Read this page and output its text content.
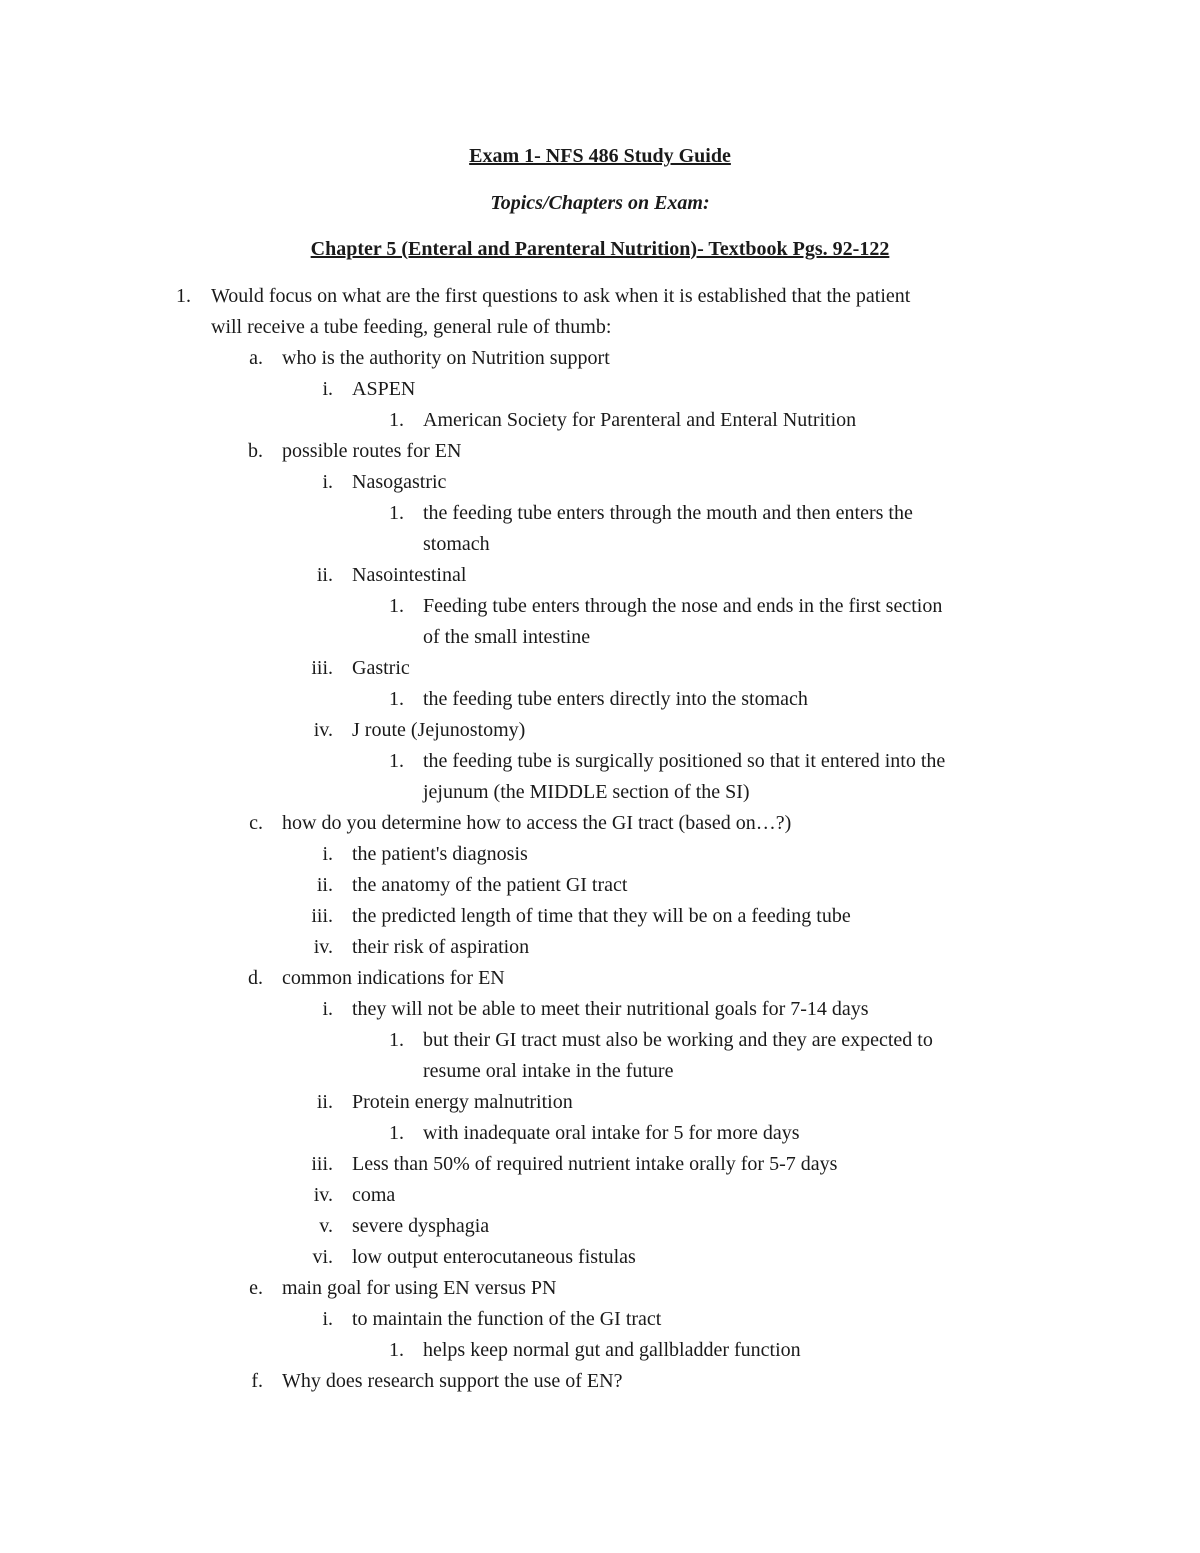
Exam 1- NFS 486 Study Guide
Topics/Chapters on Exam:
Chapter 5 (Enteral and Parenteral Nutrition)- Textbook Pgs. 92-122
1. Would focus on what are the first questions to ask when it is established that the patient
will receive a tube feeding, general rule of thumb:
a. who is the authority on Nutrition support
i. ASPEN
1. American Society for Parenteral and Enteral Nutrition
b. possible routes for EN
i. Nasogastric
1. the feeding tube enters through the mouth and then enters the
stomach
ii. Nasointestinal
1. Feeding tube enters through the nose and ends in the first section
of the small intestine
iii. Gastric
1. the feeding tube enters directly into the stomach
iv. J route (Jejunostomy)
1. the feeding tube is surgically positioned so that it entered into the
jejunum (the MIDDLE section of the SI)
c. how do you determine how to access the GI tract (based on…?)
i. the patient's diagnosis
ii. the anatomy of the patient GI tract
iii. the predicted length of time that they will be on a feeding tube
iv. their risk of aspiration
d. common indications for EN
i. they will not be able to meet their nutritional goals for 7-14 days
1. but their GI tract must also be working and they are expected to
resume oral intake in the future
ii. Protein energy malnutrition
1. with inadequate oral intake for 5 for more days
iii. Less than 50% of required nutrient intake orally for 5-7 days
iv. coma
v. severe dysphagia
vi. low output enterocutaneous fistulas
e. main goal for using EN versus PN
i. to maintain the function of the GI tract
1. helps keep normal gut and gallbladder function
f. Why does research support the use of EN?
